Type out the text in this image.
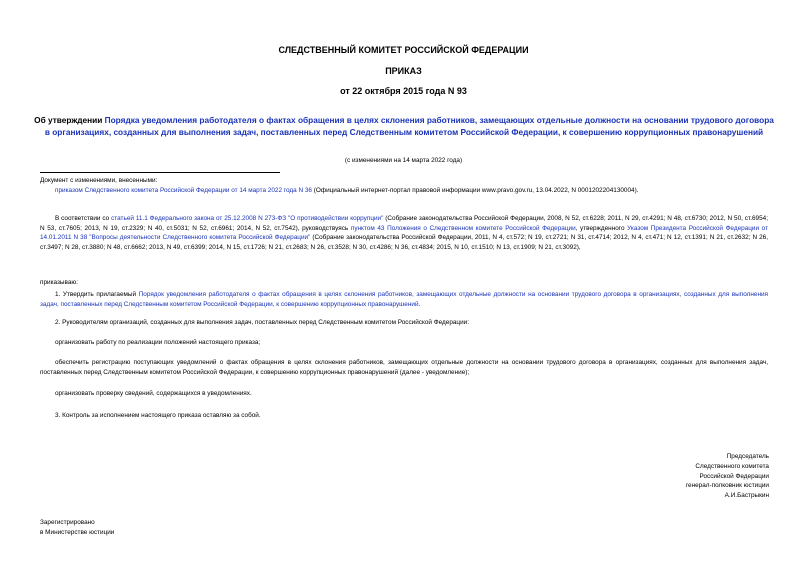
СЛЕДСТВЕННЫЙ КОМИТЕТ РОССИЙСКОЙ ФЕДЕРАЦИИ
ПРИКАЗ
от 22 октября 2015 года N 93
Об утверждении Порядка уведомления работодателя о фактах обращения в целях склонения работников, замещающих отдельные должности на основании трудового договора в организациях, созданных для выполнения задач, поставленных перед Следственным комитетом Российской Федерации, к совершению коррупционных правонарушений
(с изменениями на 14 марта 2022 года)
Документ с изменениями, внесенными:
приказом Следственного комитета Российской Федерации от 14 марта 2022 года N 36 (Официальный интернет-портал правовой информации www.pravo.gov.ru, 13.04.2022, N 0001202204130004).
В соответствии со статьей 11.1 Федерального закона от 25.12.2008 N 273-ФЗ "О противодействии коррупции" (Собрание законодательства Российской Федерации, 2008, N 52, ст.6228; 2011, N 29, ст.4291; N 48, ст.6730; 2012, N 50, ст.6954; N 53, ст.7605; 2013, N 19, ст.2329; N 40, ст.5031; N 52, ст.6961; 2014, N 52, ст.7542), руководствуясь пунктом 43 Положения о Следственном комитете Российской Федерации, утвержденного Указом Президента Российской Федерации от 14.01.2011 N 38 "Вопросы деятельности Следственного комитета Российской Федерации" (Собрание законодательства Российской Федерации, 2011, N 4, ст.572; N 19, ст.2721; N 31, ст.4714; 2012, N 4, ст.471; N 12, ст.1391; N 21, ст.2632; N 26, ст.3497; N 28, ст.3880; N 48, ст.6662; 2013, N 49, ст.6399; 2014, N 15, ст.1726; N 21, ст.2683; N 26, ст.3528; N 30, ст.4286; N 36, ст.4834; 2015, N 10, ст.1510; N 13, ст.1909; N 21, ст.3092),
приказываю:
1. Утвердить прилагаемый Порядок уведомления работодателя о фактах обращения в целях склонения работников, замещающих отдельные должности на основании трудового договора в организациях, созданных для выполнения задач, поставленных перед Следственным комитетом Российской Федерации, к совершению коррупционных правонарушений.
2. Руководителям организаций, созданных для выполнения задач, поставленных перед Следственным комитетом Российской Федерации:
организовать работу по реализации положений настоящего приказа;
обеспечить регистрацию поступающих уведомлений о фактах обращения в целях склонения работников, замещающих отдельные должности на основании трудового договора в организациях, созданных для выполнения задач, поставленных перед Следственным комитетом Российской Федерации, к совершению коррупционных правонарушений (далее - уведомление);
организовать проверку сведений, содержащихся в уведомлениях.
3. Контроль за исполнением настоящего приказа оставляю за собой.
Председатель
Следственного комитета
Российской Федерации
генерал-полковник юстиции
А.И.Бастрыкин
Зарегистрировано
в Министерстве юстиции
